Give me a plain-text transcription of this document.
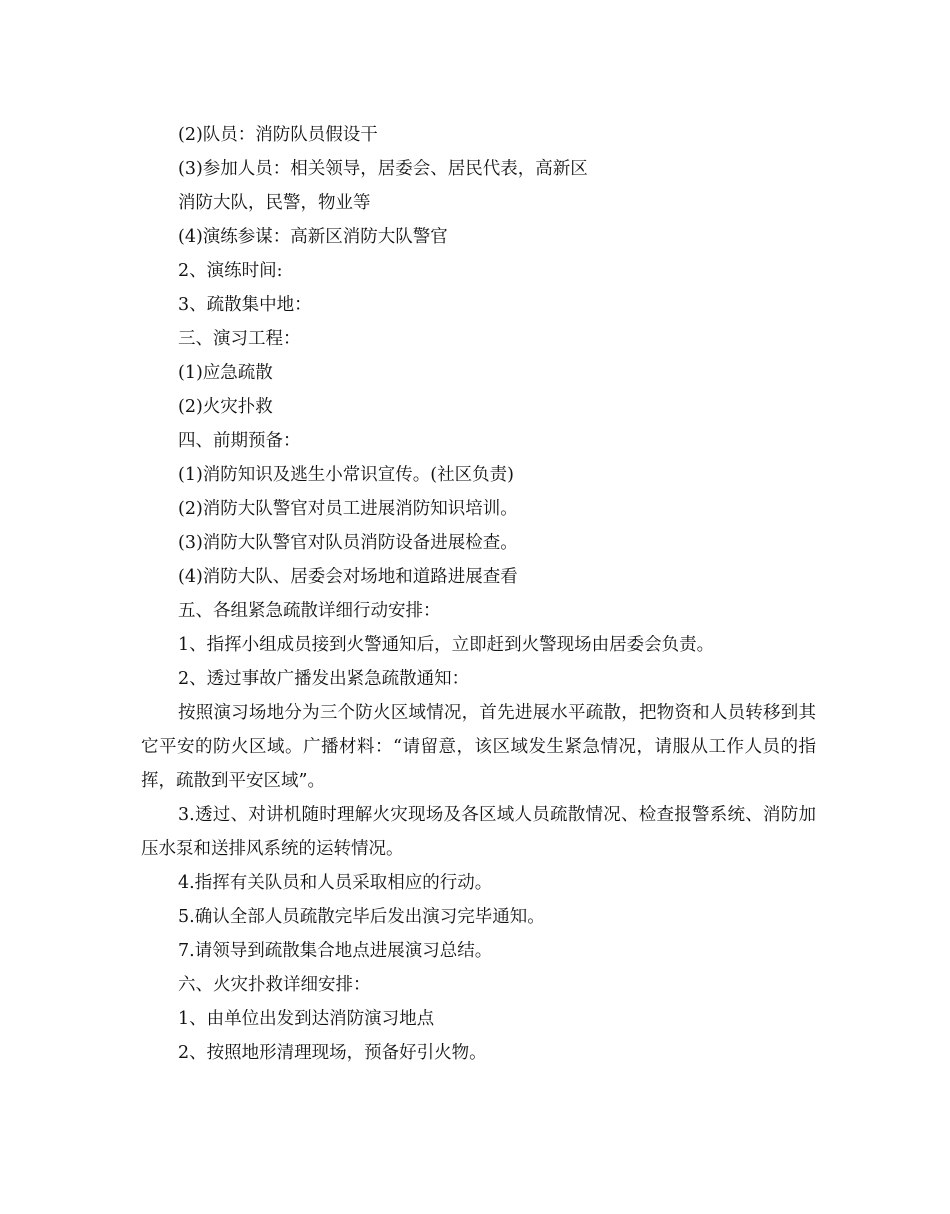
(2)队员：消防队员假设干

(3)参加人员：相关领导，居委会、居民代表，高新区

消防大队，民警，物业等

(4)演练参谋：高新区消防大队警官

2、演练时间:

3、疏散集中地：

三、演习工程：

(1)应急疏散

(2)火灾扑救

四、前期预备：

(1)消防知识及逃生小常识宣传。(社区负责)

(2)消防大队警官对员工进展消防知识培训。

(3)消防大队警官对队员消防设备进展检查。

(4)消防大队、居委会对场地和道路进展查看

五、各组紧急疏散详细行动安排：

1、指挥小组成员接到火警通知后，立即赶到火警现场由居委会负责。

2、透过事故广播发出紧急疏散通知：

按照演习场地分为三个防火区域情况，首先进展水平疏散，把物资和人员转移到其它平安的防火区域。广播材料：“请留意，该区域发生紧急情况，请服从工作人员的指挥，疏散到平安区域”。

3.透过、对讲机随时理解火灾现场及各区域人员疏散情况、检查报警系统、消防加压水泵和送排风系统的运转情况。

4.指挥有关队员和人员采取相应的行动。

5.确认全部人员疏散完毕后发出演习完毕通知。

7.请领导到疏散集合地点进展演习总结。

六、火灾扑救详细安排：

1、由单位出发到达消防演习地点

2、按照地形清理现场，预备好引火物。
